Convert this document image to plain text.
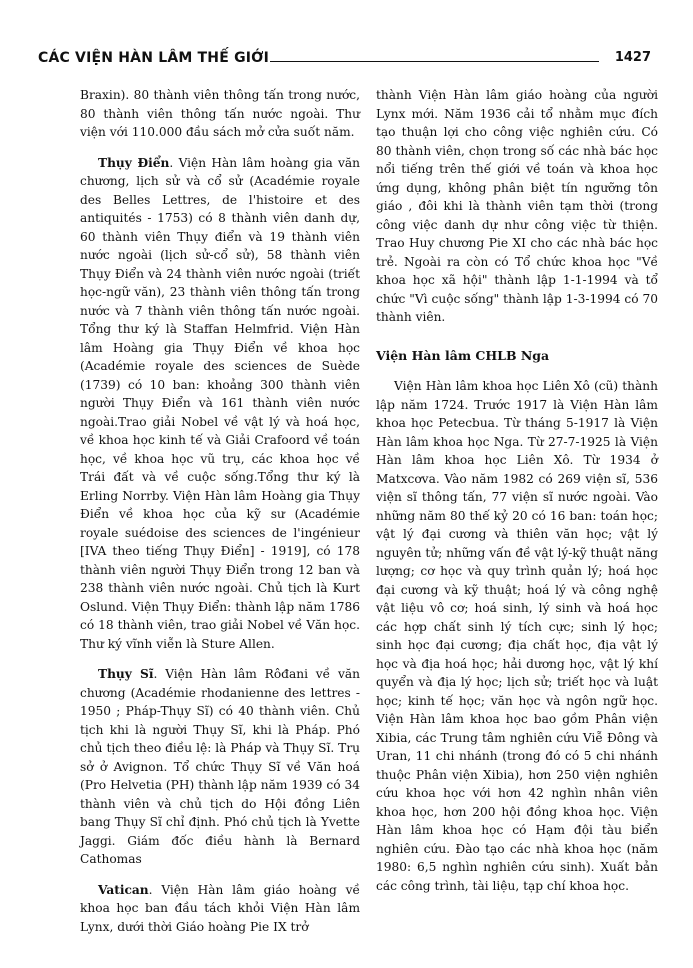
CÁC VIỆN HÀN LÂM THẾ GIỚI	1427

Braxin). 80 thành viên thông tấn trong nước, 80 thành viên thông tấn nước ngoài. Thư viện với 110.000 đầu sách mở cửa suốt năm.

Thụy Điển. Viện Hàn lâm hoàng gia văn chương, lịch sử và cổ sử (Académie royale des Belles Lettres, de l'histoire et des antiquités - 1753) có 8 thành viên danh dự, 60 thành viên Thụy điển và 19 thành viên nước ngoài (lịch sử-cổ sử), 58 thành viên Thụy Điển và 24 thành viên nước ngoài (triết học-ngữ văn), 23 thành viên thông tấn trong nước và 7 thành viên thông tấn nước ngoài. Tổng thư ký là Staffan Helmfrid. Viện Hàn lâm Hoàng gia Thụy Điển về khoa học (Académie royale des sciences de Suède (1739) có 10 ban: khoảng 300 thành viên người Thụy Điển và 161 thành viên nước ngoài.Trao giải Nobel về vật lý và hoá học, về khoa học kinh tế và Giải Crafoord về toán học, về khoa học vũ trụ, các khoa học về Trái đất và về cuộc sống.Tổng thư ký là Erling Norrby. Viện Hàn lâm Hoàng gia Thụy Điển về khoa học của kỹ sư (Académie royale suédoise des sciences de l'ingénieur [IVA theo tiếng Thụy Điển] - 1919], có 178 thành viên người Thụy Điển trong 12 ban và 238 thành viên nước ngoài. Chủ tịch là Kurt Oslund. Viện Thụy Điển: thành lập năm 1786 có 18 thành viên, trao giải Nobel về Văn học. Thư ký vĩnh viễn là Sture Allen.

Thụy Sĩ. Viện Hàn lâm Rôđani về văn chương (Académie rhodanienne des lettres - 1950 ; Pháp-Thụy Sĩ) có 40 thành viên. Chủ tịch khi là người Thụy Sĩ, khi là Pháp. Phó chủ tịch theo điều lệ: là Pháp và Thụy Sĩ. Trụ sở ở Avignon. Tổ chức Thụy Sĩ về Văn hoá (Pro Helvetia (PH) thành lập năm 1939 có 34 thành viên và chủ tịch do Hội đồng Liên bang Thụy Sĩ chỉ định. Phó chủ tịch là Yvette Jaggi. Giám đốc điều hành là Bernard Cathomas

Vatican. Viện Hàn lâm giáo hoàng về khoa học ban đầu tách khỏi Viện Hàn lâm Lynx, dưới thời Giáo hoàng Pie IX trở

thành Viện Hàn lâm giáo hoàng của người Lynx mới. Năm 1936 cải tổ nhằm mục đích tạo thuận lợi cho công việc nghiên cứu. Có 80 thành viên, chọn trong số các nhà bác học nổi tiếng trên thế giới về toán và khoa học ứng dụng, không phân biệt tín ngưỡng tôn giáo , đôi khi là thành viên tạm thời (trong công việc danh dự như công việc từ thiện. Trao Huy chương Pie XI cho các nhà bác học trẻ. Ngoài ra còn có Tổ chức khoa học "Về khoa học xã hội" thành lập 1-1-1994 và tổ chức "Vì cuộc sống" thành lập 1-3-1994 có 70 thành viên.

Viện Hàn lâm CHLB Nga

Viện Hàn lâm khoa học Liên Xô (cũ) thành lập năm 1724. Trước 1917 là Viện Hàn lâm khoa học Petecbua. Từ tháng 5-1917 là Viện Hàn lâm khoa học Nga. Từ 27-7-1925 là Viện Hàn lâm khoa học Liên Xô. Từ 1934 ở Matxcơva. Vào năm 1982 có 269 viện sĩ, 536 viện sĩ thông tấn, 77 viện sĩ nước ngoài. Vào những năm 80 thế kỷ 20 có 16 ban: toán học; vật lý đại cương và thiên văn học; vật lý nguyên tử; những vấn đề vật lý-kỹ thuật năng lượng; cơ học và quy trình quản lý; hoá học đại cương và kỹ thuật; hoá lý và công nghệ vật liệu vô cơ; hoá sinh, lý sinh và hoá học các hợp chất sinh lý tích cực; sinh lý học; sinh học đại cương; địa chất học, địa vật lý học và địa hoá học; hải dương học, vật lý khí quyển và địa lý học; lịch sử; triết học và luật học; kinh tế học; văn học và ngôn ngữ học. Viện Hàn lâm khoa học bao gồm Phân viện Xibia, các Trung tâm nghiên cứu Viễ Đông và Uran, 11 chi nhánh (trong đó có 5 chi nhánh thuộc Phân viện Xibia), hơn 250 viện nghiên cứu khoa học với hơn 42 nghìn nhân viên khoa học, hơn 200 hội đồng khoa học. Viện Hàn lâm khoa học có Hạm đội tàu biển nghiên cứu. Đào tạo các nhà khoa học (năm 1980: 6,5 nghìn nghiên cứu sinh). Xuất bản các công trình, tài liệu, tạp chí khoa học.
